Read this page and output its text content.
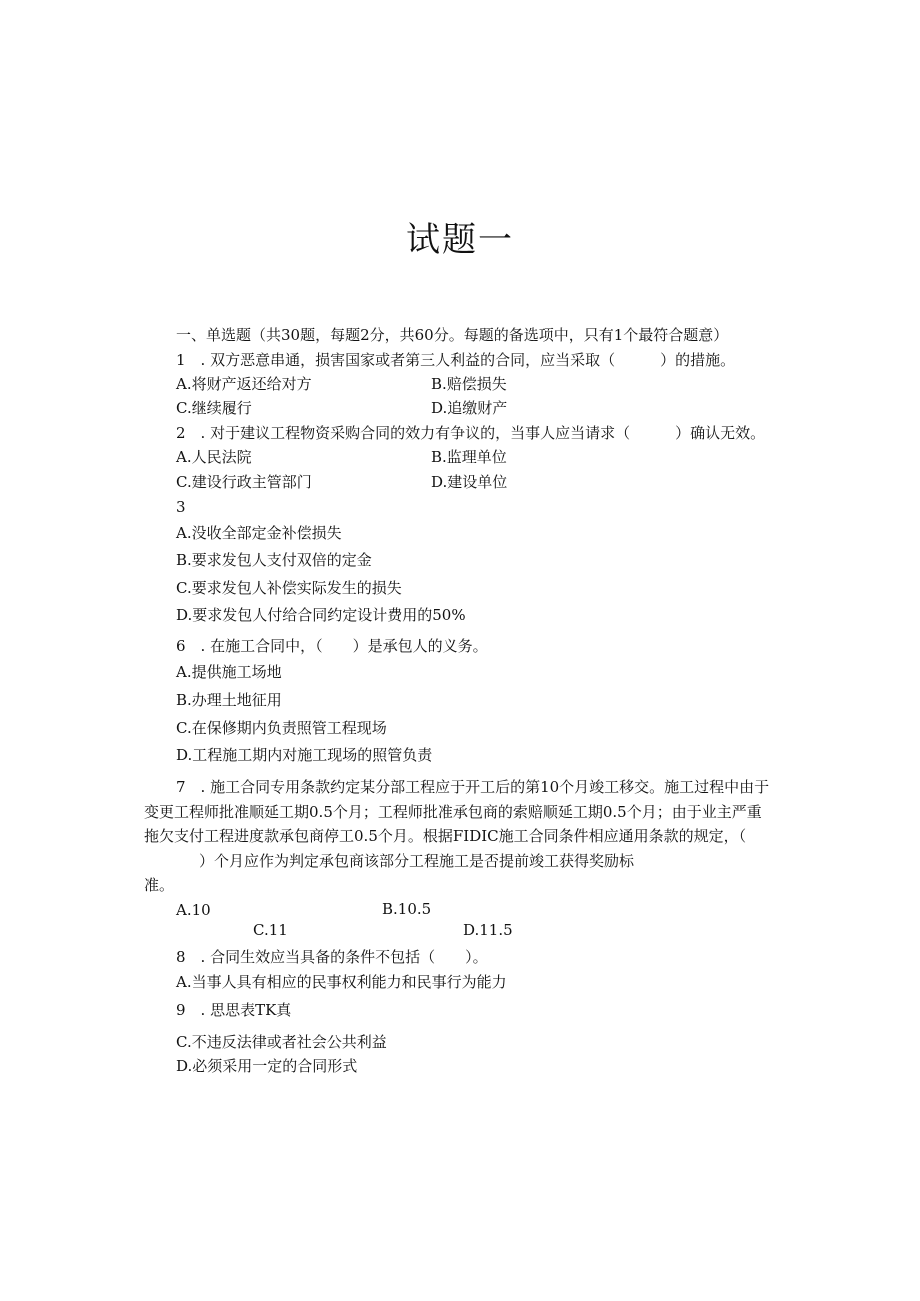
试题一
一、单选题（共30题，每题2分，共60分。每题的备选项中，只有1个最符合题意）
1　. 双方恶意串通，损害国家或者第三人利益的合同，应当采取（　　　）的措施。
A.将财产返还给对方	B.赔偿损失
C.继续履行	D.追缴财产
2　. 对于建议工程物资采购合同的效力有争议的，当事人应当请求（　　　）确认无效。
A.人民法院	B.监理单位
C.建设行政主管部门	D.建设单位
3
A.没收全部定金补偿损失
B.要求发包人支付双倍的定金
C.要求发包人补偿实际发生的损失
D.要求发包人付给合同约定设计费用的50%
6　. 在施工合同中，（　　）是承包人的义务。
A.提供施工场地
B.办理土地征用
C.在保修期内负责照管工程现场
D.工程施工期内对施工现场的照管负责
7　. 施工合同专用条款约定某分部工程应于开工后的第10个月竣工移交。施工过程中由于
变更工程师批准顺延工期0.5个月；工程师批准承包商的索赔顺延工期0.5个月；由于业主严重
拖欠支付工程进度款承包商停工0.5个月。根据FIDIC施工合同条件相应通用条款的规定，（
）个月应作为判定承包商该部分工程施工是否提前竣工获得奖励标
准。
A.10	B.10.5
C.11	D.11.5
8　. 合同生效应当具备的条件不包括（　　）。
A.当事人具有相应的民事权利能力和民事行为能力
9　. 思思表TK真
C.不违反法律或者社会公共利益
D.必须采用一定的合同形式
